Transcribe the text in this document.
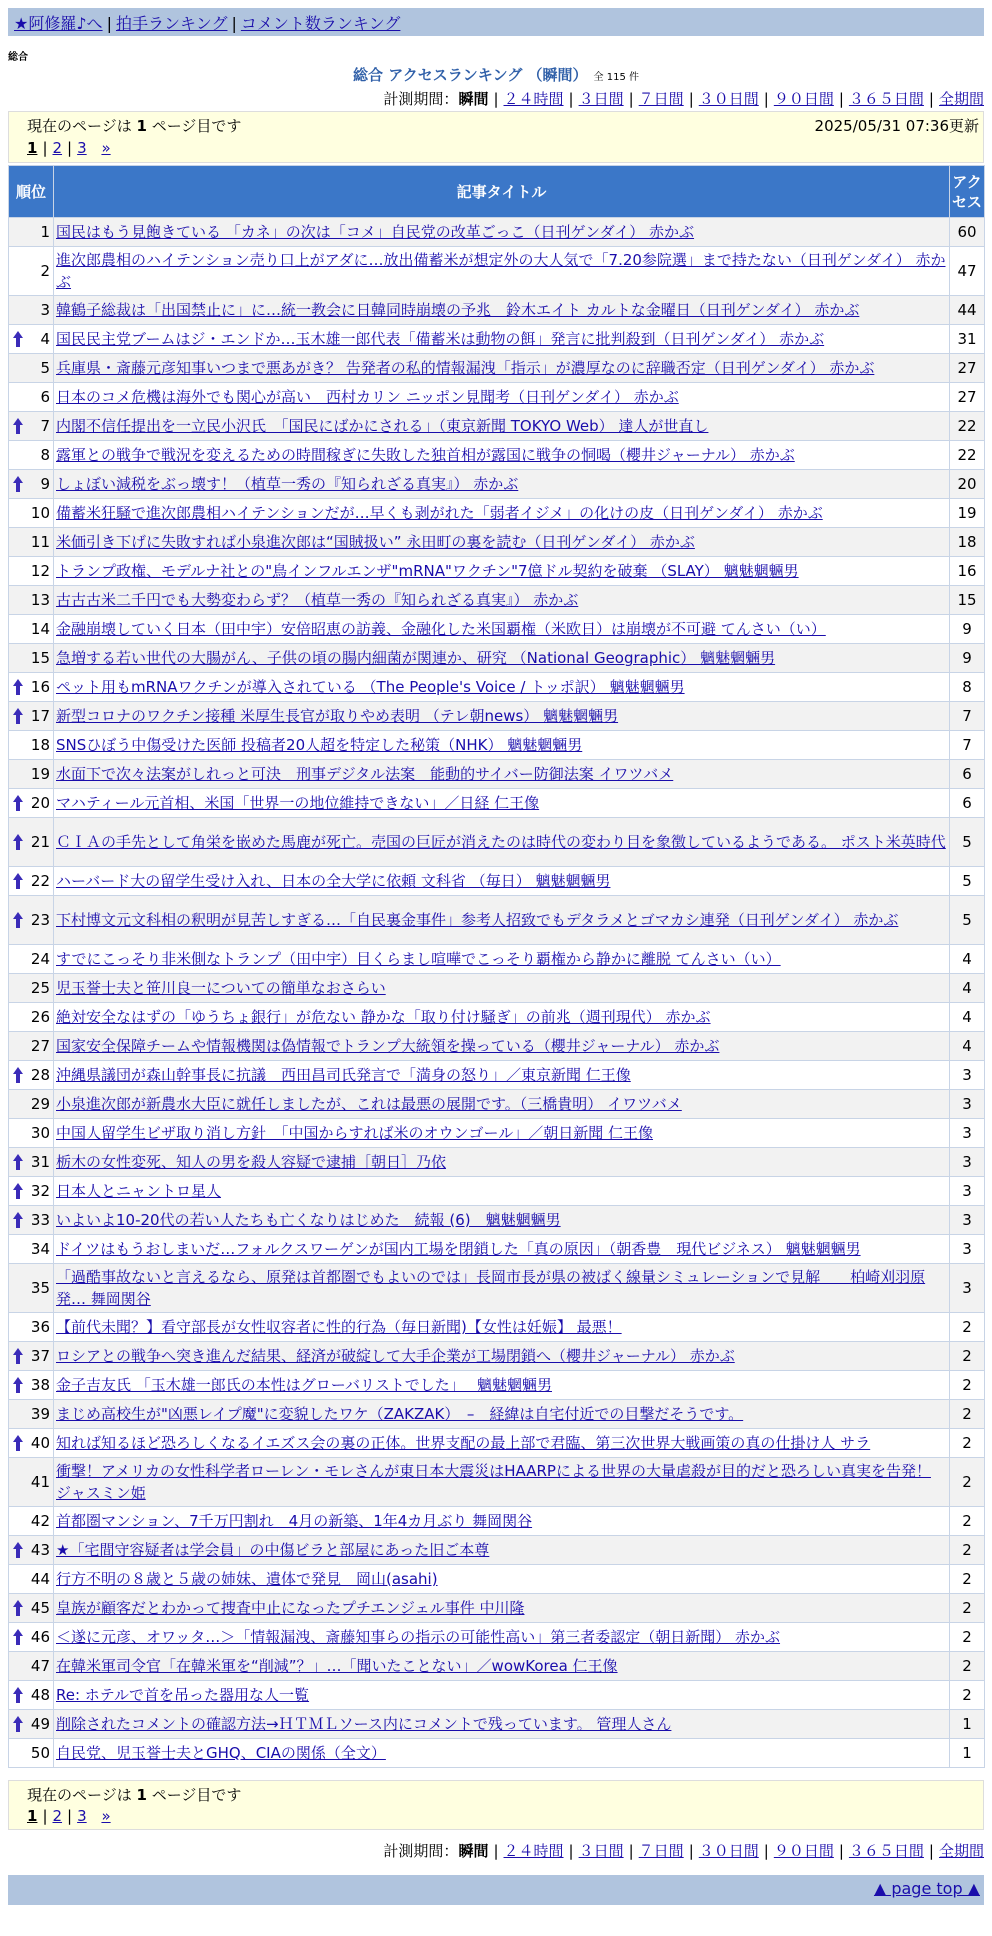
★阿修羅♪へ | 拍手ランキング | コメント数ランキング
総合
総合 アクセスランキング （瞬間） 全 115 件
計測期間：瞬間 | ２４時間 | ３日間 | ７日間 | ３０日間 | ９０日間 | ３６５日間 | 全期間
現在のページは 1 ページ目です	2025/05/31 07:36更新
1 | 2 | 3 »
順位	記事タイトル	アクセス
1	国民はもう見飽きている 「カネ」の次は「コメ」自民党の改革ごっこ（日刊ゲンダイ） 赤かぶ	60
2	進次郎農相のハイテンション売り口上がアダに…放出備蓄米が想定外の大人気で「7.20参院選」まで持たない（日刊ゲンダイ） 赤かぶ	47
3	韓鶴子総裁は「出国禁止に」に…統一教会に日韓同時崩壊の予兆　鈴木エイト カルトな金曜日（日刊ゲンダイ） 赤かぶ	44

4	国民民主党ブームはジ・エンドか…玉木雄一郎代表「備蓄米は動物の餌」発言に批判殺到（日刊ゲンダイ） 赤かぶ	31
5	兵庫県・斎藤元彦知事いつまで悪あがき？ 告発者の私的情報漏洩「指示」が濃厚なのに辞職否定（日刊ゲンダイ） 赤かぶ	27
6	日本のコメ危機は海外でも関心が高い　西村カリン ニッポン見聞考（日刊ゲンダイ） 赤かぶ	27

7	内閣不信任提出を一立民小沢氏　「国民にばかにされる」（東京新聞 TOKYO Web） 達人が世直し	22
8	露軍との戦争で戦況を変えるための時間稼ぎに失敗した独首相が露国に戦争の恫喝（櫻井ジャーナル） 赤かぶ	22

9	しょぼい減税をぶっ壊す！（植草一秀の『知られざる真実』） 赤かぶ	20
10	備蓄米狂騒で進次郎農相ハイテンションだが…早くも剥がれた「弱者イジメ」の化けの皮（日刊ゲンダイ） 赤かぶ	19
11	米価引き下げに失敗すれば小泉進次郎は“国賊扱い” 永田町の裏を読む（日刊ゲンダイ） 赤かぶ	18
12	トランプ政権、モデルナ社との"鳥インフルエンザ"mRNA"ワクチン"7億ドル契約を破棄 （SLAY） 魑魅魍魎男	16
13	古古古米二千円でも大勢変わらず？（植草一秀の『知られざる真実』） 赤かぶ	15
14	金融崩壊していく日本（田中宇）安倍昭恵の訪義、金融化した米国覇権（米欧日）は崩壊が不可避 てんさい（い）	9
15	急増する若い世代の大腸がん、子供の頃の腸内細菌が関連か、研究 （National Geographic） 魑魅魍魎男	9

16	ペット用もmRNAワクチンが導入されている （The People's Voice / トッポ訳） 魑魅魍魎男	8

17	新型コロナのワクチン接種 米厚生長官が取りやめ表明 （テレ朝news） 魑魅魍魎男	7
18	SNSひぼう中傷受けた医師 投稿者20人超を特定した秘策（NHK） 魑魅魍魎男	7
19	水面下で次々法案がしれっと可決　刑事デジタル法案　能動的サイバー防御法案 イワツバメ	6

20	マハティール元首相、米国「世界一の地位維持できない」／日経 仁王像	6

21	ＣＩＡの手先として角栄を嵌めた馬鹿が死亡。売国の巨匠が消えたのは時代の変わり目を象徴しているようである。 ポスト米英時代	5

22	ハーバード大の留学生受け入れ、日本の全大学に依頼 文科省 （毎日） 魑魅魍魎男	5

23	下村博文元文科相の釈明が見苦しすぎる…「自民裏金事件」参考人招致でもデタラメとゴマカシ連発（日刊ゲンダイ） 赤かぶ	5
24	すでにこっそり非米側なトランプ（田中宇）目くらまし喧嘩でこっそり覇権から静かに離脱 てんさい（い）	4
25	児玉誉士夫と笹川良一についての簡単なおさらい	4
26	絶対安全なはずの「ゆうちょ銀行」が危ない 静かな「取り付け騒ぎ」の前兆（週刊現代） 赤かぶ	4
27	国家安全保障チームや情報機関は偽情報でトランプ大統領を操っている（櫻井ジャーナル） 赤かぶ	4

28	沖縄県議団が森山幹事長に抗議　西田昌司氏発言で「満身の怒り」／東京新聞 仁王像	3
29	小泉進次郎が新農水大臣に就任しましたが、これは最悪の展開です。（三橋貴明） イワツバメ	3
30	中国人留学生ビザ取り消し方針　「中国からすれば米のオウンゴール」／朝日新聞 仁王像	3

31	栃木の女性変死、知人の男を殺人容疑で逮捕［朝日］乃依	3

32	日本人とニャントロ星人	3

33	いよいよ10-20代の若い人たちも亡くなりはじめた　続報 (6)　魑魅魍魎男	3
34	ドイツはもうおしまいだ…フォルクスワーゲンが国内工場を閉鎖した「真の原因」（朝香豊　現代ビジネス） 魑魅魍魎男	3
35	「過酷事故ないと言えるなら、原発は首都圏でもよいのでは」長岡市長が県の被ばく線量シミュレーションで見解　　柏崎刈羽原発… 舞岡関谷	3
36	【前代未聞？】看守部長が女性収容者に性的行為（毎日新聞)【女性は妊娠】 最悪！	2

37	ロシアとの戦争へ突き進んだ結果、経済が破綻して大手企業が工場閉鎖へ（櫻井ジャーナル） 赤かぶ	2

38	金子吉友氏 「玉木雄一郎氏の本性はグローバリストでした」　 魑魅魍魎男	2
39	まじめ高校生が"凶悪レイプ魔"に変貌したワケ（ZAKZAK）　–　経緯は自宅付近での目撃だそうです。	2

40	知れば知るほど恐ろしくなるイエズス会の裏の正体。世界支配の最上部で君臨、第三次世界大戦画策の真の仕掛け人 サラ	2
41	衝撃！アメリカの女性科学者ローレン・モレさんが東日本大震災はHAARPによる世界の大量虐殺が目的だと恐ろしい真実を告発！ ジャスミン姫	2
42	首都圏マンション、7千万円割れ　4月の新築、1年4カ月ぶり 舞岡関谷	2

43	★「宅間守容疑者は学会員」の中傷ビラと部屋にあった旧ご本尊	2
44	行方不明の８歳と５歳の姉妹、遺体で発見　岡山(asahi)	2

45	皇族が顧客だとわかって捜査中止になったプチエンジェル事件 中川隆	2

46	＜遂に元彦、オワッタ…＞「情報漏洩、斎藤知事らの指示の可能性高い」第三者委認定（朝日新聞） 赤かぶ	2
47	在韓米軍司令官「在韓米軍を“削減”？」…「聞いたことない」／wowKorea 仁王像	2

48	Re: ホテルで首を吊った器用な人一覧	2

49	削除されたコメントの確認方法→ＨＴＭＬソース内にコメントで残っています。 管理人さん	1
50	自民党、児玉誉士夫とGHQ、CIAの関係（全文）	1
現在のページは 1 ページ目です
1 | 2 | 3 »
計測期間：瞬間 | ２４時間 | ３日間 | ７日間 | ３０日間 | ９０日間 | ３６５日間 | 全期間
▲ page top ▲
